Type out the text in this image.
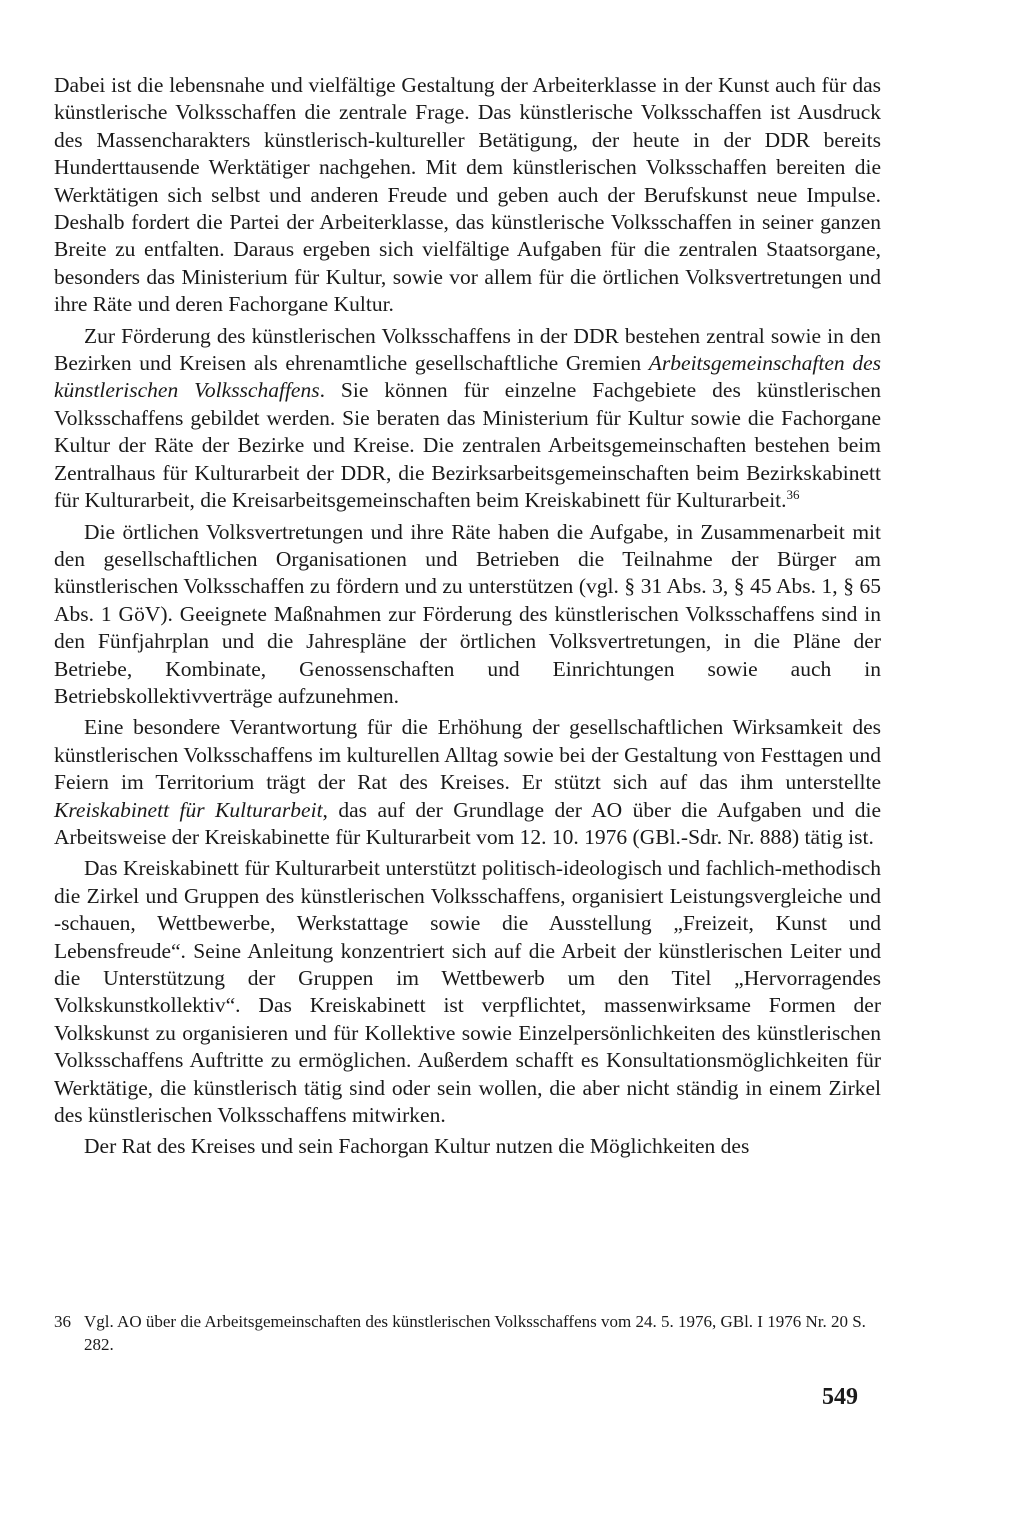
Dabei ist die lebensnahe und vielfältige Gestaltung der Arbeiterklasse in der Kunst auch für das künstlerische Volksschaffen die zentrale Frage. Das künstlerische Volksschaffen ist Ausdruck des Massencharakters künstlerisch-kultureller Betätigung, der heute in der DDR bereits Hunderttausende Werktätiger nachgehen. Mit dem künstlerischen Volksschaffen bereiten die Werktätigen sich selbst und anderen Freude und geben auch der Berufskunst neue Impulse. Deshalb fordert die Partei der Arbeiterklasse, das künstlerische Volksschaffen in seiner ganzen Breite zu entfalten. Daraus ergeben sich vielfältige Aufgaben für die zentralen Staatsorgane, besonders das Ministerium für Kultur, sowie vor allem für die örtlichen Volksvertretungen und ihre Räte und deren Fachorgane Kultur.

Zur Förderung des künstlerischen Volksschaffens in der DDR bestehen zentral sowie in den Bezirken und Kreisen als ehrenamtliche gesellschaftliche Gremien Arbeitsgemeinschaften des künstlerischen Volksschaffens. Sie können für einzelne Fachgebiete des künstlerischen Volksschaffens gebildet werden. Sie beraten das Ministerium für Kultur sowie die Fachorgane Kultur der Räte der Bezirke und Kreise. Die zentralen Arbeitsgemeinschaften bestehen beim Zentralhaus für Kulturarbeit der DDR, die Bezirksarbeitsgemeinschaften beim Bezirkskabinett für Kulturarbeit, die Kreisarbeitsgemeinschaften beim Kreiskabinett für Kulturarbeit.$^{36}$

Die örtlichen Volksvertretungen und ihre Räte haben die Aufgabe, in Zusammenarbeit mit den gesellschaftlichen Organisationen und Betrieben die Teilnahme der Bürger am künstlerischen Volksschaffen zu fördern und zu unterstützen (vgl. § 31 Abs. 3, § 45 Abs. 1, § 65 Abs. 1 GöV). Geeignete Maßnahmen zur Förderung des künstlerischen Volksschaffens sind in den Fünfjahrplan und die Jahrespläne der örtlichen Volksvertretungen, in die Pläne der Betriebe, Kombinate, Genossenschaften und Einrichtungen sowie auch in Betriebskollektivverträge aufzunehmen.

Eine besondere Verantwortung für die Erhöhung der gesellschaftlichen Wirksamkeit des künstlerischen Volksschaffens im kulturellen Alltag sowie bei der Gestaltung von Festtagen und Feiern im Territorium trägt der Rat des Kreises. Er stützt sich auf das ihm unterstellte Kreiskabinett für Kulturarbeit, das auf der Grundlage der AO über die Aufgaben und die Arbeitsweise der Kreiskabinette für Kulturarbeit vom 12. 10. 1976 (GBl.-Sdr. Nr. 888) tätig ist.

Das Kreiskabinett für Kulturarbeit unterstützt politisch-ideologisch und fachlich-methodisch die Zirkel und Gruppen des künstlerischen Volksschaffens, organisiert Leistungsvergleiche und -schauen, Wettbewerbe, Werkstattage sowie die Ausstellung „Freizeit, Kunst und Lebensfreude“. Seine Anleitung konzentriert sich auf die Arbeit der künstlerischen Leiter und die Unterstützung der Gruppen im Wettbewerb um den Titel „Hervorragendes Volkskunstkollektiv“. Das Kreiskabinett ist verpflichtet, massenwirksame Formen der Volkskunst zu organisieren und für Kollektive sowie Einzelpersönlichkeiten des künstlerischen Volksschaffens Auftritte zu ermöglichen. Außerdem schafft es Konsultationsmöglichkeiten für Werktätige, die künstlerisch tätig sind oder sein wollen, die aber nicht ständig in einem Zirkel des künstlerischen Volksschaffens mitwirken.

Der Rat des Kreises und sein Fachorgan Kultur nutzen die Möglichkeiten des

36 Vgl. AO über die Arbeitsgemeinschaften des künstlerischen Volksschaffens vom 24. 5. 1976, GBl. I 1976 Nr. 20 S. 282.
549
